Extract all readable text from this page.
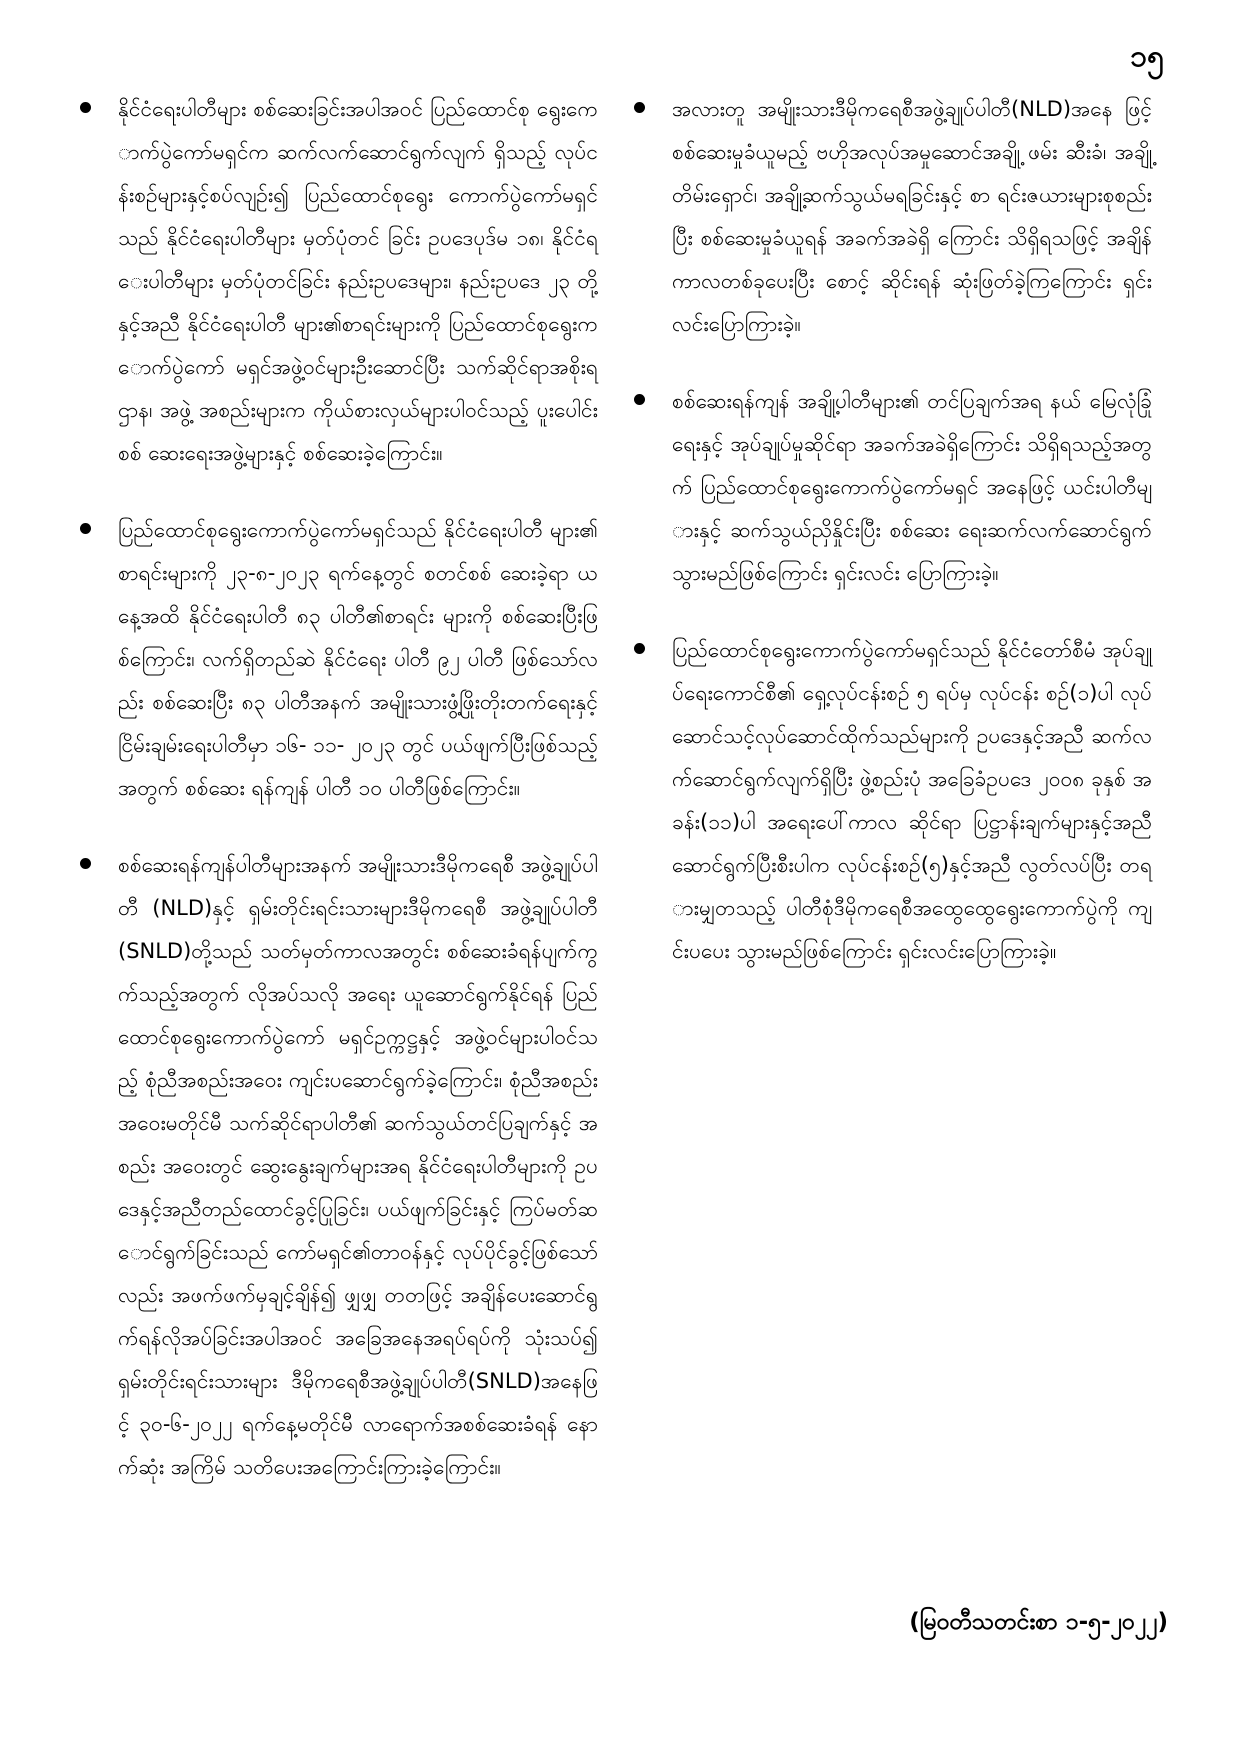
၁၅

နိုင်ငံရေးပါတီများ စစ်ဆေးခြင်းအပါအဝင် ပြည်ထောင်စု ရွေးကောက်ပွဲကော်မရှင်က ဆက်လက်ဆောင်ရွက်လျက် ရှိသည့် လုပ်ငန်းစဉ်များနှင့်စပ်လျဉ်း၍ ပြည်ထောင်စုရွေး ကောက်ပွဲကော်မရှင်သည် နိုင်ငံရေးပါတီများ မှတ်ပုံတင် ခြင်း ဥပဒေပုဒ်မ ၁၈၊ နိုင်ငံရေးပါတီများ မှတ်ပုံတင်ခြင်း နည်းဥပဒေများ၊ နည်းဥပဒေ ၂၃ တို့နှင့်အညီ နိုင်ငံရေးပါတီ များ၏စာရင်းများကို ပြည်ထောင်စုရွေးကောက်ပွဲကော် မရှင်အဖွဲ့ဝင်များဦးဆောင်ပြီး သက်ဆိုင်ရာအစိုးရဌာန၊ အဖွဲ့ အစည်းများက ကိုယ်စားလှယ်များပါဝင်သည့် ပူးပေါင်းစစ် ဆေးရေးအဖွဲ့များနှင့် စစ်ဆေးခဲ့ကြောင်း။

ပြည်ထောင်စုရွေးကောက်ပွဲကော်မရှင်သည် နိုင်ငံရေးပါတီ များ၏စာရင်းများကို ၂၃-၈-၂၀၂၃ ရက်နေ့တွင် စတင်စစ် ဆေးခဲ့ရာ ယနေ့အထိ နိုင်ငံရေးပါတီ ၈၃ ပါတီ၏စာရင်း များကို စစ်ဆေးပြီးဖြစ်ကြောင်း၊ လက်ရှိတည်ဆဲ နိုင်ငံရေး ပါတီ ၉၂ ပါတီ ဖြစ်သော်လည်း စစ်ဆေးပြီး ၈၃ ပါတီအနက် အမျိုးသားဖွံ့ဖြိုးတိုးတက်ရေးနှင့် ငြိမ်းချမ်းရေးပါတီမှာ ၁၆- ၁၁- ၂၀၂၃ တွင် ပယ်ဖျက်ပြီးဖြစ်သည့်အတွက် စစ်ဆေး ရန်ကျန် ပါတီ ၁၀ ပါတီဖြစ်ကြောင်း။

စစ်ဆေးရန်ကျန်ပါတီများအနက် အမျိုးသားဒီမိုကရေစီ အဖွဲ့ချုပ်ပါတီ (NLD)နှင့် ရှမ်းတိုင်းရင်းသားများဒီမိုကရေစီ အဖွဲ့ချုပ်ပါတီ(SNLD)တို့သည် သတ်မှတ်ကာလအတွင်း စစ်ဆေးခံရန်ပျက်ကွက်သည့်အတွက် လိုအပ်သလို အရေး ယူဆောင်ရွက်နိုင်ရန် ပြည်ထောင်စုရွေးကောက်ပွဲကော် မရှင်ဥက္ကဋ္ဌနှင့် အဖွဲ့ဝင်များပါဝင်သည့် စုံညီအစည်းအဝေး ကျင်းပဆောင်ရွက်ခဲ့ကြောင်း၊ စုံညီအစည်းအဝေးမတိုင်မီ သက်ဆိုင်ရာပါတီ၏ ဆက်သွယ်တင်ပြချက်နှင့် အစည်း အဝေးတွင် ဆွေးနွေးချက်များအရ နိုင်ငံရေးပါတီများကို ဥပဒေနှင့်အညီတည်ထောင်ခွင့်ပြုခြင်း၊ ပယ်ဖျက်ခြင်းနှင့် ကြပ်မတ်ဆောင်ရွက်ခြင်းသည် ကော်မရှင်၏တာဝန်နှင့် လုပ်ပိုင်ခွင့်ဖြစ်သော်လည်း အဖက်ဖက်မှချင့်ချိန်၍ ဖျှဖျှ တတဖြင့် အချိန်ပေးဆောင်ရွက်ရန်လိုအပ်ခြင်းအပါအဝင် အခြေအနေအရပ်ရပ်ကို သုံးသပ်၍ ရှမ်းတိုင်းရင်းသားများ ဒီမိုကရေစီအဖွဲ့ချုပ်ပါတီ(SNLD)အနေဖြင့် ၃၀-၆-၂၀၂၂ ရက်နေ့မတိုင်မီ လာရောက်အစစ်ဆေးခံရန် နောက်ဆုံး အကြိမ် သတိပေးအကြောင်းကြားခဲ့ကြောင်း။

အလားတူ အမျိုးသားဒီမိုကရေစီအဖွဲ့ချုပ်ပါတီ(NLD)အနေ ဖြင့် စစ်ဆေးမှုခံယူမည့် ဗဟိုအလုပ်အမှုဆောင်အချို့ ဖမ်း ဆီးခံ၊ အချို့တိမ်းရှောင်၊ အချို့ဆက်သွယ်မရခြင်းနှင့် စာ ရင်းဇယားများစုစည်းပြီး စစ်ဆေးမှုခံယူရန် အခက်အခဲရှိ ကြောင်း သိရှိရသဖြင့် အချိန်ကာလတစ်ခုပေးပြီး စောင့် ဆိုင်းရန် ဆုံးဖြတ်ခဲ့ကြကြောင်း ရှင်းလင်းပြောကြားခဲ့။

စစ်ဆေးရန်ကျန် အချို့ပါတီများ၏ တင်ပြချက်အရ နယ် မြေလုံခြုံရေးနှင့် အုပ်ချုပ်မှုဆိုင်ရာ အခက်အခဲရှိကြောင်း သိရှိရသည့်အတွက် ပြည်ထောင်စုရွေးကောက်ပွဲကော်မရှင် အနေဖြင့် ယင်းပါတီများနှင့် ဆက်သွယ်ညှိနှိုင်းပြီး စစ်ဆေး ရေးဆက်လက်ဆောင်ရွက်သွားမည်ဖြစ်ကြောင်း ရှင်းလင်း ပြောကြားခဲ့။

ပြည်ထောင်စုရွေးကောက်ပွဲကော်မရှင်သည် နိုင်ငံတော်စီမံ အုပ်ချုပ်ရေးကောင်စီ၏ ရှေ့လုပ်ငန်းစဉ် ၅ ရပ်မှ လုပ်ငန်း စဉ်(၁)ပါ လုပ်ဆောင်သင့်လုပ်ဆောင်ထိုက်သည်များကို ဥပဒေနှင့်အညီ ဆက်လက်ဆောင်ရွက်လျက်ရှိပြီး ဖွဲ့စည်းပုံ အခြေခံဥပဒေ ၂၀၀၈ ခုနှစ် အခန်း(၁၁)ပါ အရေးပေါ်ကာလ ဆိုင်ရာ ပြဋ္ဌာန်းချက်များနှင့်အညီ ဆောင်ရွက်ပြီးစီးပါက လုပ်ငန်းစဉ်(၅)နှင့်အညီ လွတ်လပ်ပြီး တရားမျှတသည့် ပါတီစုံဒီမိုကရေစီအထွေထွေရွေးကောက်ပွဲကို ကျင်းပပေး သွားမည်ဖြစ်ကြောင်း ရှင်းလင်းပြောကြားခဲ့။

(မြဝတီသတင်းစာ ၁-၅-၂၀၂၂)
